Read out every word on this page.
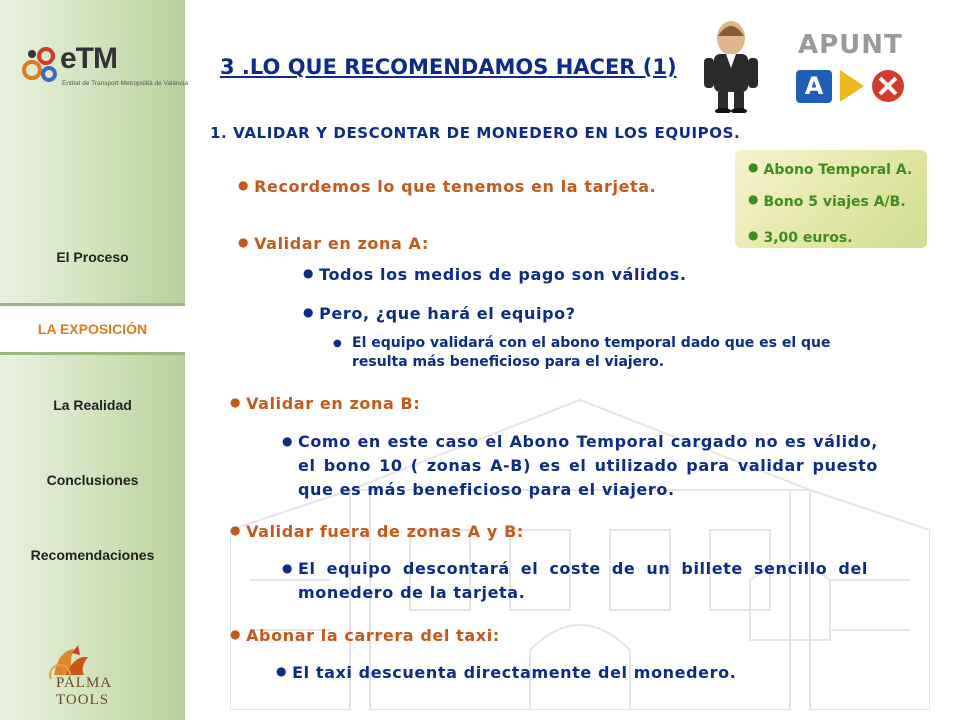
eTM
Entitat de Transport Metropolità de València
El Proceso
LA EXPOSICIÓN
La Realidad
Conclusiones
Recomendaciones
PALMA TOOLS
3 .LO QUE RECOMENDAMOS HACER (1)
APUNT
A
1. VALIDAR Y DESCONTAR DE MONEDERO EN LOS EQUIPOS.
● Abono Temporal A.
● Bono 5 viajes A/B.
● 3,00 euros.
● Recordemos lo que tenemos en la tarjeta.
● Validar en zona A:
● Todos los medios de pago son válidos.
● Pero, ¿que hará el equipo?
● El equipo validará con el abono temporal dado que es el que resulta más beneficioso para el viajero.
● Validar en zona B:
● Como en este caso el Abono Temporal cargado no es válido, el bono 10 ( zonas A-B) es el utilizado para validar puesto que es más beneficioso para el viajero.
● Validar fuera de zonas A y B:
● El equipo descontará el coste de un billete sencillo del monedero de la tarjeta.
● Abonar la carrera del taxi:
● El taxi descuenta directamente del monedero.
